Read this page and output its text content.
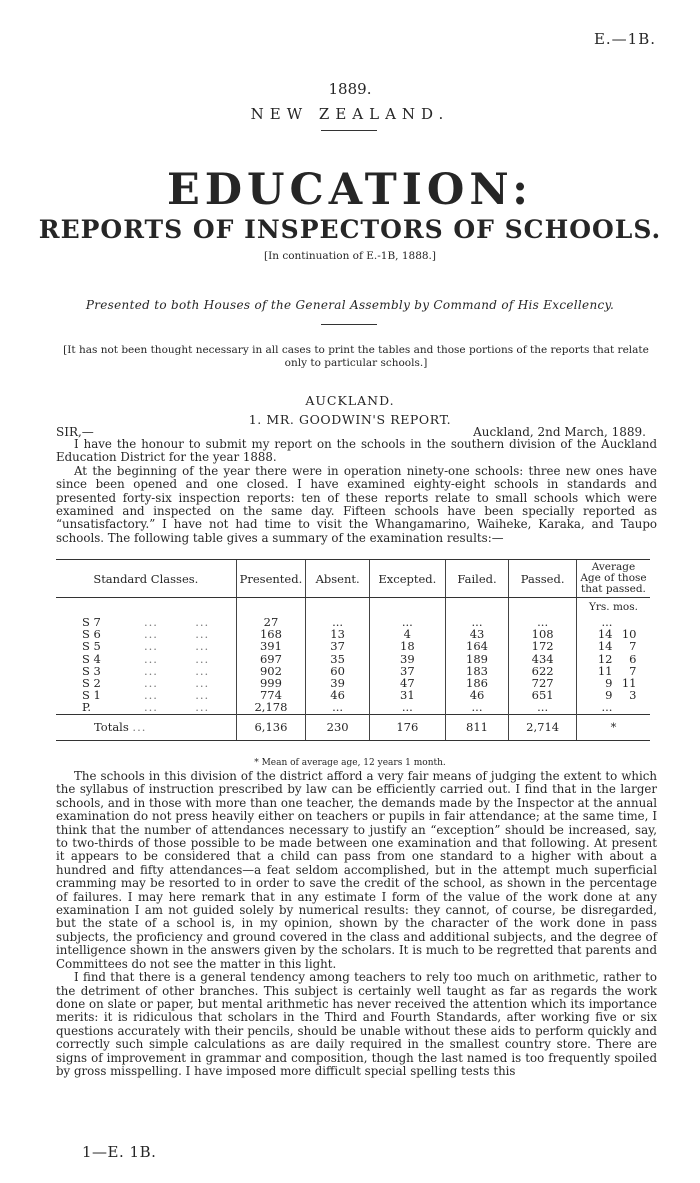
E.—1B.
1889.
NEW ZEALAND.
EDUCATION:
REPORTS OF INSPECTORS OF SCHOOLS.
[In continuation of E.-1B, 1888.]
Presented to both Houses of the General Assembly by Command of His Excellency.
[It has not been thought necessary in all cases to print the tables and those portions of the reports that relate only to particular schools.]
AUCKLAND.
1. MR. GOODWIN'S REPORT.
SIR,—	Auckland, 2nd March, 1889.

I have the honour to submit my report on the schools in the southern division of the Auckland Education District for the year 1888.

At the beginning of the year there were in operation ninety-one schools: three new ones have since been opened and one closed. I have examined eighty-eight schools in standards and presented forty-six inspection reports: ten of these reports relate to small schools which were examined and inspected on the same day. Fifteen schools have been specially reported as “unsatisfactory.” I have not had time to visit the Whangamarino, Waiheke, Karaka, and Taupo schools. The following table gives a summary of the examination results:—

Standard Classes.	Presented.	Absent.	Excepted.	Failed.	Passed.	Average Age of those that passed.
						Yrs. mos.
S 7 ...        ...	27	...	...	...	...	...
S 6 ...        ...	168	13	4	43	108	14 10
S 5 ...        ...	391	37	18	164	172	14 7
S 4 ...        ...	697	35	39	189	434	12 6
S 3 ...        ...	902	60	37	183	622	11 7
S 2 ...        ...	999	39	47	186	727	9 11
S 1 ...        ...	774	46	31	46	651	9 3
P. ...        ...	2,178	...	...	...	...	...
Totals ...	6,136	230	176	811	2,714	*
* Mean of average age, 12 years 1 month.

The schools in this division of the district afford a very fair means of judging the extent to which the syllabus of instruction prescribed by law can be efficiently carried out. I find that in the larger schools, and in those with more than one teacher, the demands made by the Inspector at the annual examination do not press heavily either on teachers or pupils in fair attendance; at the same time, I think that the number of attendances necessary to justify an “exception” should be increased, say, to two-thirds of those possible to be made between one examination and that following. At present it appears to be considered that a child can pass from one standard to a higher with about a hundred and fifty attendances—a feat seldom accomplished, but in the attempt much superficial cramming may be resorted to in order to save the credit of the school, as shown in the percentage of failures. I may here remark that in any estimate I form of the value of the work done at any examination I am not guided solely by numerical results: they cannot, of course, be disregarded, but the state of a school is, in my opinion, shown by the character of the work done in pass subjects, the proficiency and ground covered in the class and additional subjects, and the degree of intelligence shown in the answers given by the scholars. It is much to be regretted that parents and Committees do not see the matter in this light.

I find that there is a general tendency among teachers to rely too much on arithmetic, rather to the detriment of other branches. This subject is certainly well taught as far as regards the work done on slate or paper, but mental arithmetic has never received the attention which its importance merits: it is ridiculous that scholars in the Third and Fourth Standards, after working five or six questions accurately with their pencils, should be unable without these aids to perform quickly and correctly such simple calculations as are daily required in the smallest country store. There are signs of improvement in grammar and composition, though the last named is too frequently spoiled by gross misspelling. I have imposed more difficult special spelling tests this

1—E. 1B.
